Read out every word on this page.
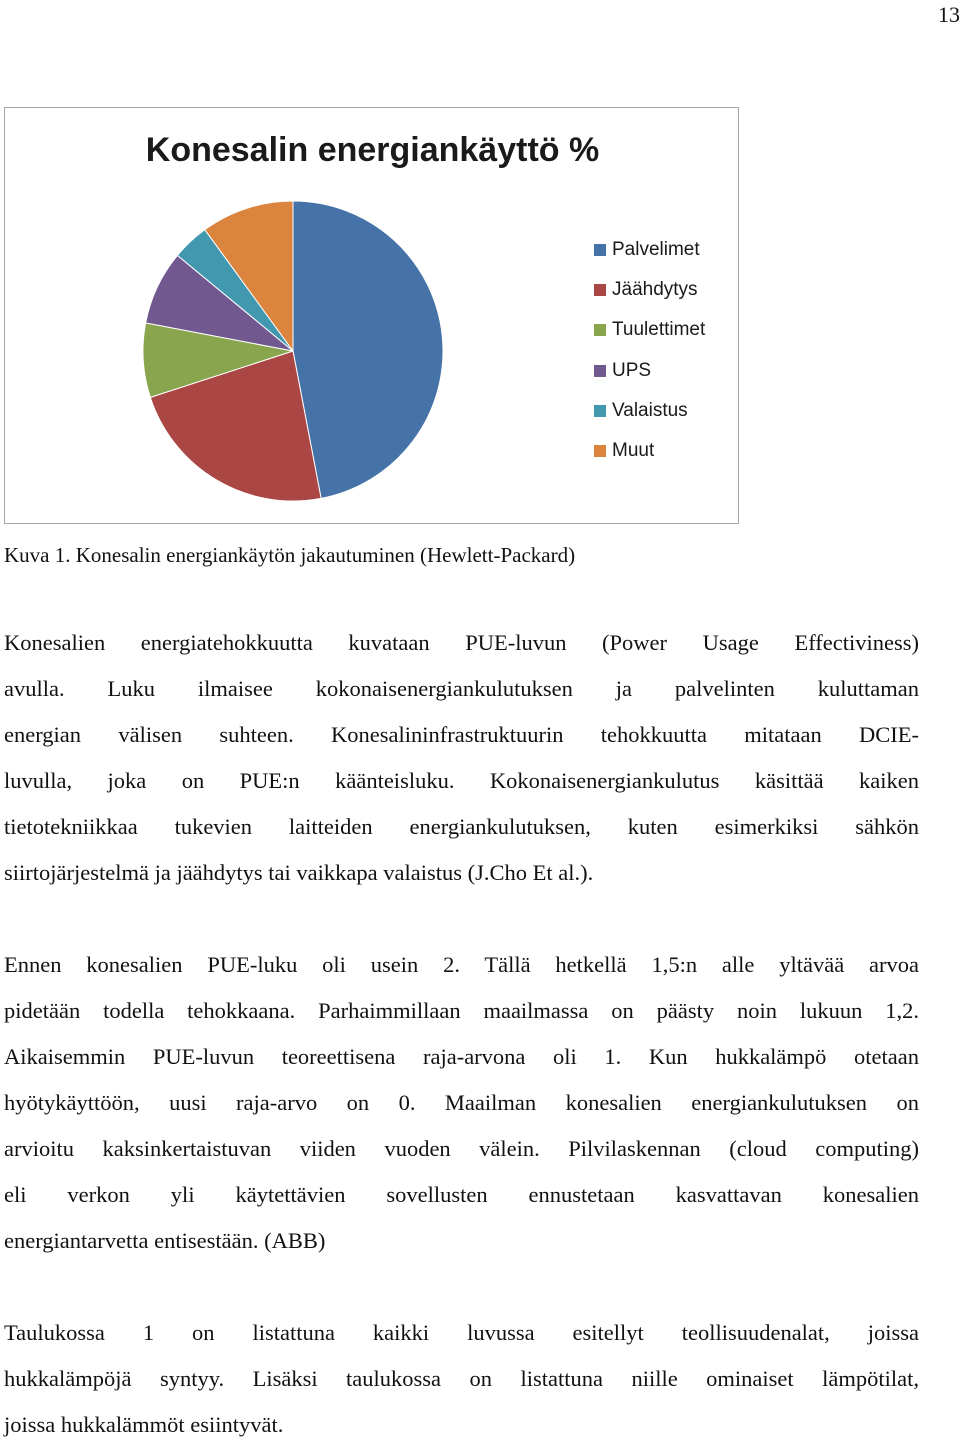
13
Konesalin energiankäyttö %
Palvelimet
Jäähdytys
Tuulettimet
UPS
Valaistus
Muut
Kuva 1. Konesalin energiankäytön jakautuminen (Hewlett-Packard)
Konesalien energiatehokkuutta kuvataan PUE-luvun (Power Usage Effectiviness)
avulla. Luku ilmaisee kokonaisenergiankulutuksen ja palvelinten kuluttaman
energian välisen suhteen. Konesalininfrastruktuurin tehokkuutta mitataan DCIE-
luvulla, joka on PUE:n käänteisluku. Kokonaisenergiankulutus käsittää kaiken
tietotekniikkaa tukevien laitteiden energiankulutuksen, kuten esimerkiksi sähkön
siirtojärjestelmä ja jäähdytys tai vaikkapa valaistus (J.Cho Et al.).
Ennen konesalien PUE-luku oli usein 2. Tällä hetkellä 1,5:n alle yltävää arvoa
pidetään todella tehokkaana. Parhaimmillaan maailmassa on päästy noin lukuun 1,2.
Aikaisemmin PUE-luvun teoreettisena raja-arvona oli 1. Kun hukkalämpö otetaan
hyötykäyttöön, uusi raja-arvo on 0. Maailman konesalien energiankulutuksen on
arvioitu kaksinkertaistuvan viiden vuoden välein. Pilvilaskennan (cloud computing)
eli verkon yli käytettävien sovellusten ennustetaan kasvattavan konesalien
energiantarvetta entisestään. (ABB)
Taulukossa 1 on listattuna kaikki luvussa esitellyt teollisuudenalat, joissa
hukkalämpöjä syntyy. Lisäksi taulukossa on listattuna niille ominaiset lämpötilat,
joissa hukkalämmöt esiintyvät.
